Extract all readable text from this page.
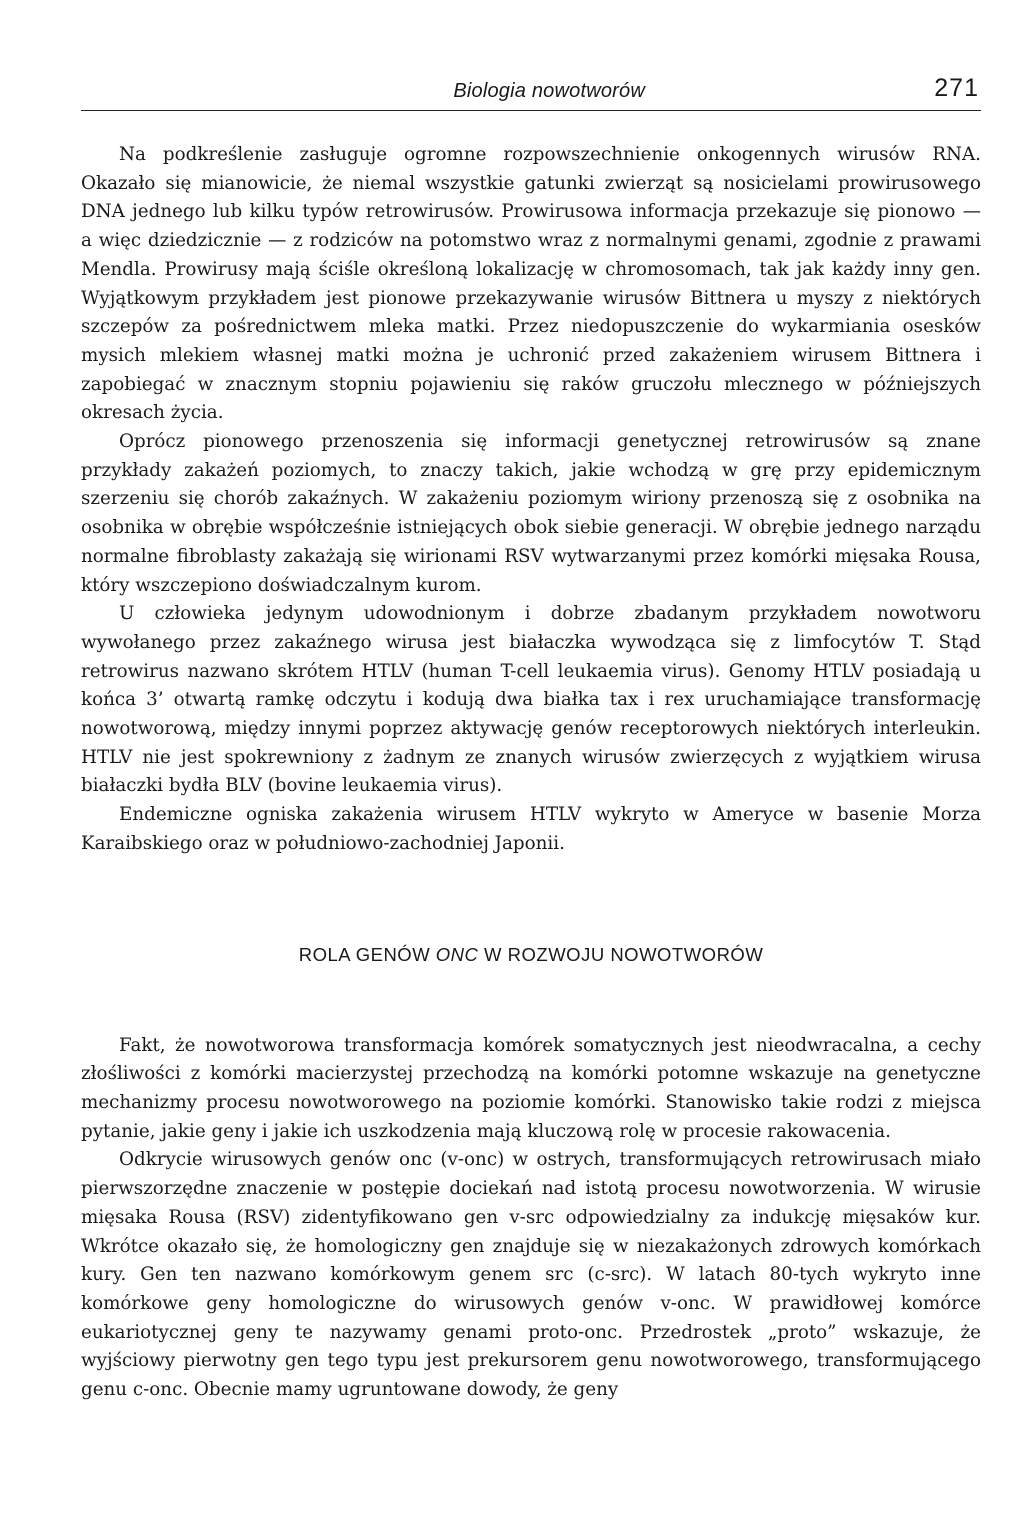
Biologia nowotworów	271

Na podkreślenie zasługuje ogromne rozpowszechnienie onkogennych wirusów RNA. Okazało się mianowicie, że niemal wszystkie gatunki zwierząt są nosicielami prowirusowego DNA jednego lub kilku typów retrowirusów. Prowirusowa informacja przekazuje się pionowo — a więc dziedzicznie — z rodziców na potomstwo wraz z normalnymi genami, zgodnie z prawami Mendla. Prowirusy mają ściśle określoną lokalizację w chromosomach, tak jak każdy inny gen. Wyjątkowym przykładem jest pionowe przekazywanie wirusów Bittnera u myszy z niektórych szczepów za pośrednictwem mleka matki. Przez niedopuszczenie do wykarmiania osesków mysich mlekiem własnej matki można je uchronić przed zakażeniem wirusem Bittnera i zapobiegać w znacznym stopniu pojawieniu się raków gruczołu mlecznego w późniejszych okresach życia.

Oprócz pionowego przenoszenia się informacji genetycznej retrowirusów są znane przykłady zakażeń poziomych, to znaczy takich, jakie wchodzą w grę przy epidemicznym szerzeniu się chorób zakaźnych. W zakażeniu poziomym wiriony przenoszą się z osobnika na osobnika w obrębie współcześnie istniejących obok siebie generacji. W obrębie jednego narządu normalne fibroblasty zakażają się wirionami RSV wytwarzanymi przez komórki mięsaka Rousa, który wszczepiono doświadczalnym kurom.

U człowieka jedynym udowodnionym i dobrze zbadanym przykładem nowotworu wywołanego przez zakaźnego wirusa jest białaczka wywodząca się z limfocytów T. Stąd retrowirus nazwano skrótem HTLV (human T-cell leukaemia virus). Genomy HTLV posiadają u końca 3’ otwartą ramkę odczytu i kodują dwa białka tax i rex uruchamiające transformację nowotworową, między innymi poprzez aktywację genów receptorowych niektórych interleukin. HTLV nie jest spokrewniony z żadnym ze znanych wirusów zwierzęcych z wyjątkiem wirusa białaczki bydła BLV (bovine leukaemia virus).

Endemiczne ogniska zakażenia wirusem HTLV wykryto w Ameryce w basenie Morza Karaibskiego oraz w południowo-zachodniej Japonii.

ROLA GENÓW ONC W ROZWOJU NOWOTWORÓW

Fakt, że nowotworowa transformacja komórek somatycznych jest nieodwracalna, a cechy złośliwości z komórki macierzystej przechodzą na komórki potomne wskazuje na genetyczne mechanizmy procesu nowotworowego na poziomie komórki. Stanowisko takie rodzi z miejsca pytanie, jakie geny i jakie ich uszkodzenia mają kluczową rolę w procesie rakowacenia.

Odkrycie wirusowych genów onc (v-onc) w ostrych, transformujących retrowirusach miało pierwszorzędne znaczenie w postępie dociekań nad istotą procesu nowotworzenia. W wirusie mięsaka Rousa (RSV) zidentyfikowano gen v-src odpowiedzialny za indukcję mięsaków kur. Wkrótce okazało się, że homologiczny gen znajduje się w niezakażonych zdrowych komórkach kury. Gen ten nazwano komórkowym genem src (c-src). W latach 80-tych wykryto inne komórkowe geny homologiczne do wirusowych genów v-onc. W prawidłowej komórce eukariotycznej geny te nazywamy genami proto-onc. Przedrostek „proto” wskazuje, że wyjściowy pierwotny gen tego typu jest prekursorem genu nowotworowego, transformującego genu c-onc. Obecnie mamy ugruntowane dowody, że geny
